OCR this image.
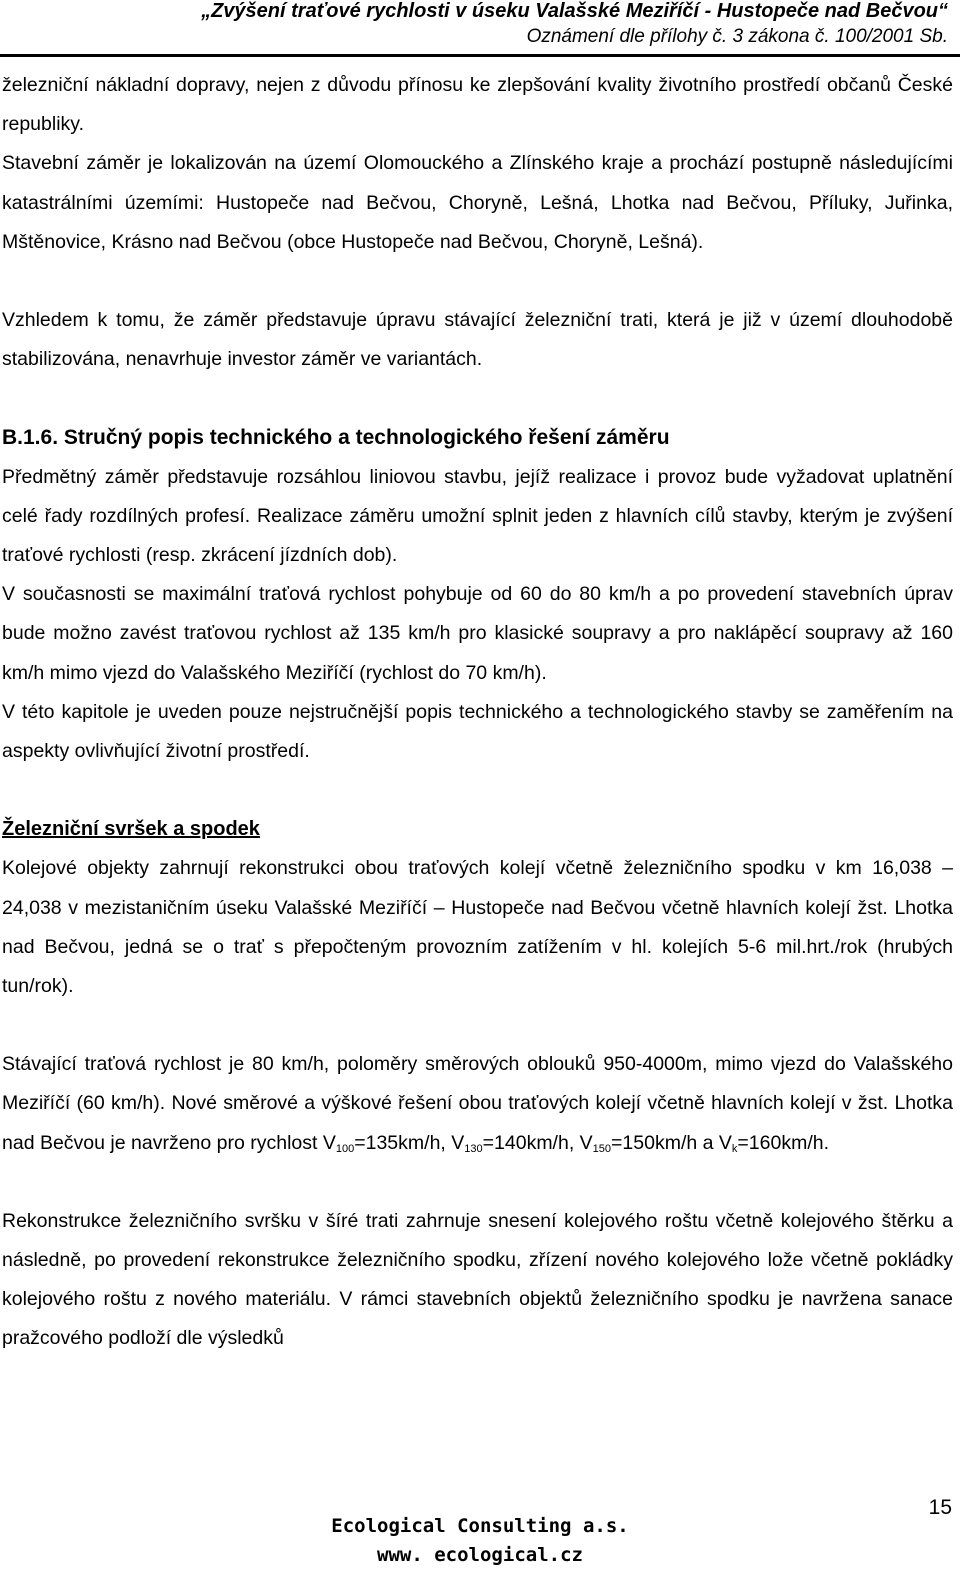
„Zvýšení traťové rychlosti v úseku Valašské Meziříčí - Hustopeče nad Bečvou“
Oznámení dle přílohy č. 3 zákona č. 100/2001 Sb.

železniční nákladní dopravy, nejen z důvodu přínosu ke zlepšování kvality životního prostředí občanů České republiky.

Stavební záměr je lokalizován na území Olomouckého a Zlínského kraje a prochází postupně následujícími katastrálními územími: Hustopeče nad Bečvou, Choryně, Lešná, Lhotka nad Bečvou, Příluky, Juřinka, Mštěnovice, Krásno nad Bečvou (obce Hustopeče nad Bečvou, Choryně, Lešná).

Vzhledem k tomu, že záměr představuje úpravu stávající železniční trati, která je již v území dlouhodobě stabilizována, nenavrhuje investor záměr ve variantách.

B.1.6. Stručný popis technického a technologického řešení záměru

Předmětný záměr představuje rozsáhlou liniovou stavbu, jejíž realizace i provoz bude vyžadovat uplatnění celé řady rozdílných profesí. Realizace záměru umožní splnit jeden z hlavních cílů stavby, kterým je zvýšení traťové rychlosti (resp. zkrácení jízdních dob).

V současnosti se maximální traťová rychlost pohybuje od 60 do 80 km/h a po provedení stavebních úprav bude možno zavést traťovou rychlost až 135 km/h pro klasické soupravy a pro naklápěcí soupravy až 160 km/h mimo vjezd do Valašského Meziříčí (rychlost do 70 km/h).

V této kapitole je uveden pouze nejstručnější popis technického a technologického stavby se zaměřením na aspekty ovlivňující životní prostředí.

Železniční svršek a spodek

Kolejové objekty zahrnují rekonstrukci obou traťových kolejí včetně železničního spodku v km 16,038 – 24,038 v mezistaničním úseku Valašské Meziříčí – Hustopeče nad Bečvou včetně hlavních kolejí žst. Lhotka nad Bečvou, jedná se o trať s přepočteným provozním zatížením v hl. kolejích 5-6 mil.hrt./rok (hrubých tun/rok).

Stávající traťová rychlost je 80 km/h, poloměry směrových oblouků 950-4000m, mimo vjezd do Valašského Meziříčí (60 km/h). Nové směrové a výškové řešení obou traťových kolejí včetně hlavních kolejí v žst. Lhotka nad Bečvou je navrženo pro rychlost $V_{100}=135km/h$, $V_{130}=140km/h$, $V_{150}=150km/h$ a $V_k=160km/h$.

Rekonstrukce železničního svršku v šíré trati zahrnuje snesení kolejového roštu včetně kolejového štěrku a následně, po provedení rekonstrukce železničního spodku, zřízení nového kolejového lože včetně pokládky kolejového roštu z nového materiálu. V rámci stavebních objektů železničního spodku je navržena sanace pražcového podloží dle výsledků

15
Ecological Consulting a.s.
www. ecological.cz
